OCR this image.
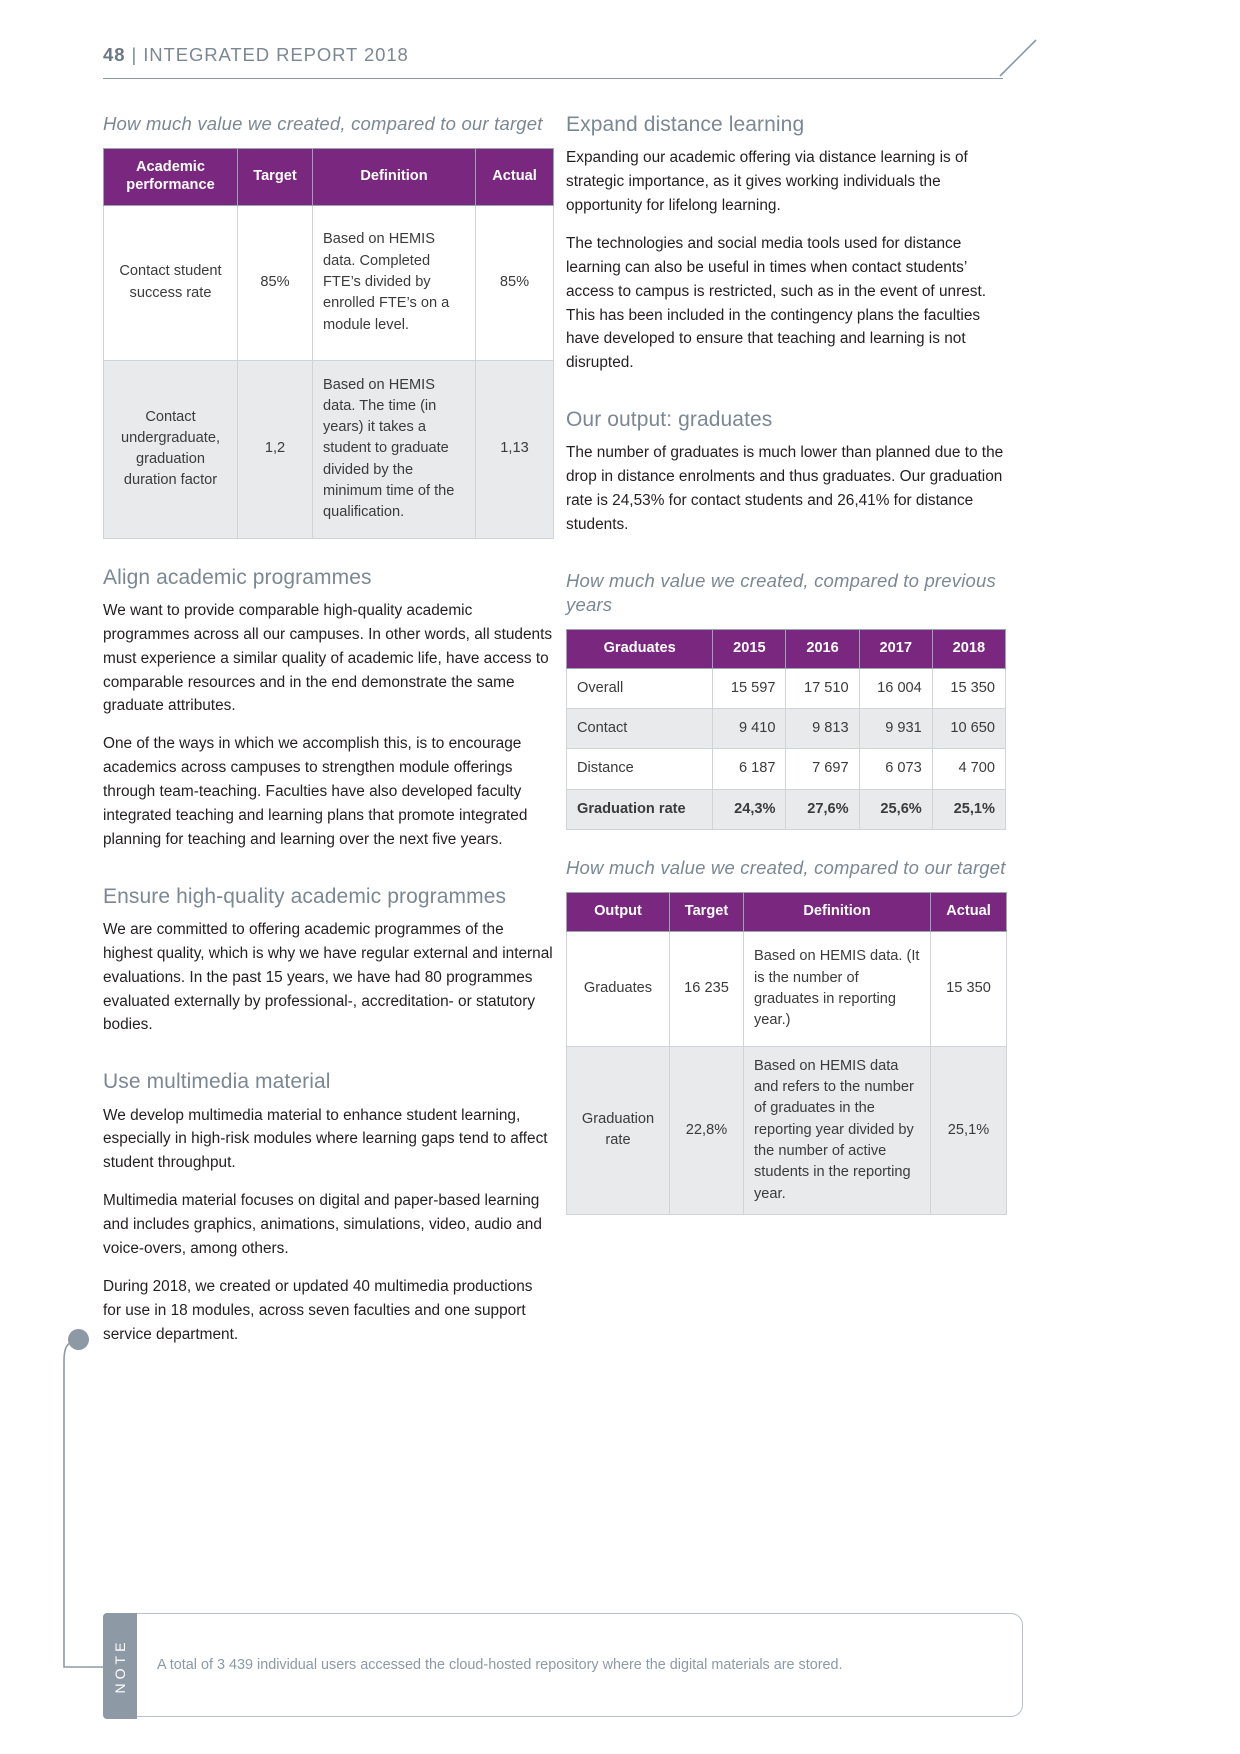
48 | INTEGRATED REPORT 2018
How much value we created, compared to our target
Academic performance	Target	Definition	Actual
Contact student success rate	85%	Based on HEMIS data. Completed FTE’s divided by enrolled FTE’s on a module level.	85%
Contact undergraduate, graduation duration factor	1,2	Based on HEMIS data. The time (in years) it takes a student to graduate divided by the minimum time of the qualification.	1,13
Align academic programmes

We want to provide comparable high-quality academic programmes across all our campuses. In other words, all students must experience a similar quality of academic life, have access to comparable resources and in the end demonstrate the same graduate attributes.

One of the ways in which we accomplish this, is to encourage academics across campuses to strengthen module offerings through team-teaching. Faculties have also developed faculty integrated teaching and learning plans that promote integrated planning for teaching and learning over the next five years.

Ensure high-quality academic programmes

We are committed to offering academic programmes of the highest quality, which is why we have regular external and internal evaluations. In the past 15 years, we have had 80 programmes evaluated externally by professional-, accreditation- or statutory bodies.

Use multimedia material

We develop multimedia material to enhance student learning, especially in high-risk modules where learning gaps tend to affect student throughput.

Multimedia material focuses on digital and paper-based learning and includes graphics, animations, simulations, video, audio and voice-overs, among others.

During 2018, we created or updated 40 multimedia productions for use in 18 modules, across seven faculties and one support service department.

Expand distance learning

Expanding our academic offering via distance learning is of strategic importance, as it gives working individuals the opportunity for lifelong learning.

The technologies and social media tools used for distance learning can also be useful in times when contact students’ access to campus is restricted, such as in the event of unrest. This has been included in the contingency plans the faculties have developed to ensure that teaching and learning is not disrupted.

Our output: graduates

The number of graduates is much lower than planned due to the drop in distance enrolments and thus graduates. Our graduation rate is 24,53% for contact students and 26,41% for distance students.

How much value we created, compared to previous years
Graduates	2015	2016	2017	2018
Overall	15 597	17 510	16 004	15 350
Contact	9 410	9 813	9 931	10 650
Distance	6 187	7 697	6 073	4 700
Graduation rate	24,3%	27,6%	25,6%	25,1%
How much value we created, compared to our target
Output	Target	Definition	Actual
Graduates	16 235	Based on HEMIS data. (It is the number of graduates in reporting year.)	15 350
Graduation rate	22,8%	Based on HEMIS data and refers to the number of graduates in the reporting year divided by the number of active students in the reporting year.	25,1%
NOTE	A total of 3 439 individual users accessed the cloud-hosted repository where the digital materials are stored.
